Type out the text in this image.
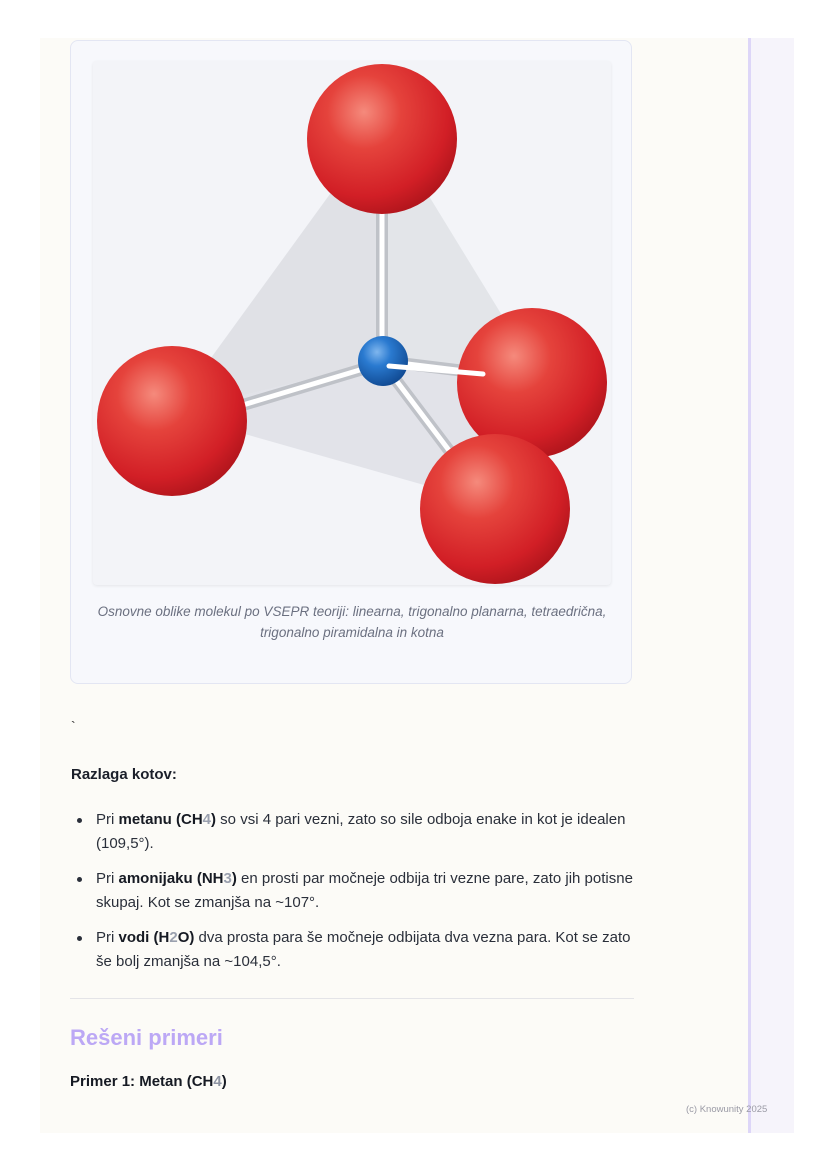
Osnovne oblike molekul po VSEPR teoriji: linearna, trigonalno planarna, tetraedrična, trigonalno piramidalna in kotna
`
Razlaga kotov:
Pri metanu (CH4) so vsi 4 pari vezni, zato so sile odboja enake in kot je idealen (109,5°).
Pri amonijaku (NH3) en prosti par močneje odbija tri vezne pare, zato jih potisne skupaj. Kot se zmanjša na ~107°.
Pri vodi (H2O) dva prosta para še močneje odbijata dva vezna para. Kot se zato še bolj zmanjša na ~104,5°.
Rešeni primeri
Primer 1: Metan (CH4)
(c) Knowunity 2025
